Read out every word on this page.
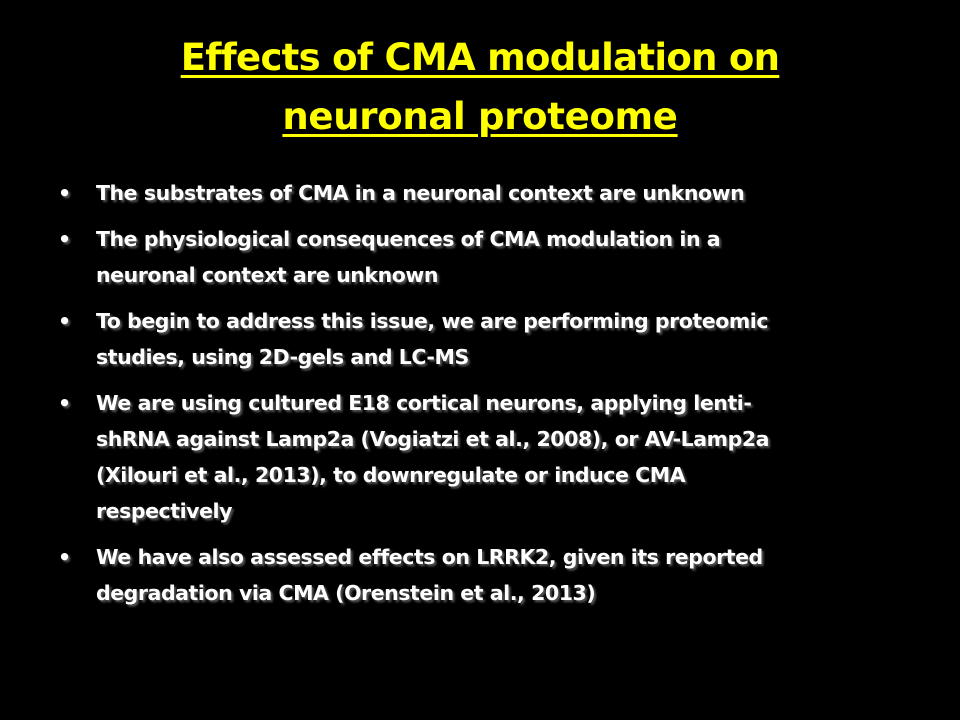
Effects of CMA modulation on
neuronal proteome
• The substrates of CMA in a neuronal context are unknown
• The physiological consequences of CMA modulation in a
neuronal context are unknown
• To begin to address this issue, we are performing proteomic
studies, using 2D-gels and LC-MS
• We are using cultured E18 cortical neurons, applying lenti-
shRNA against Lamp2a (Vogiatzi et al., 2008), or AV-Lamp2a
(Xilouri et al., 2013), to downregulate or induce CMA
respectively
• We have also assessed effects on LRRK2, given its reported
degradation via CMA (Orenstein et al., 2013)
